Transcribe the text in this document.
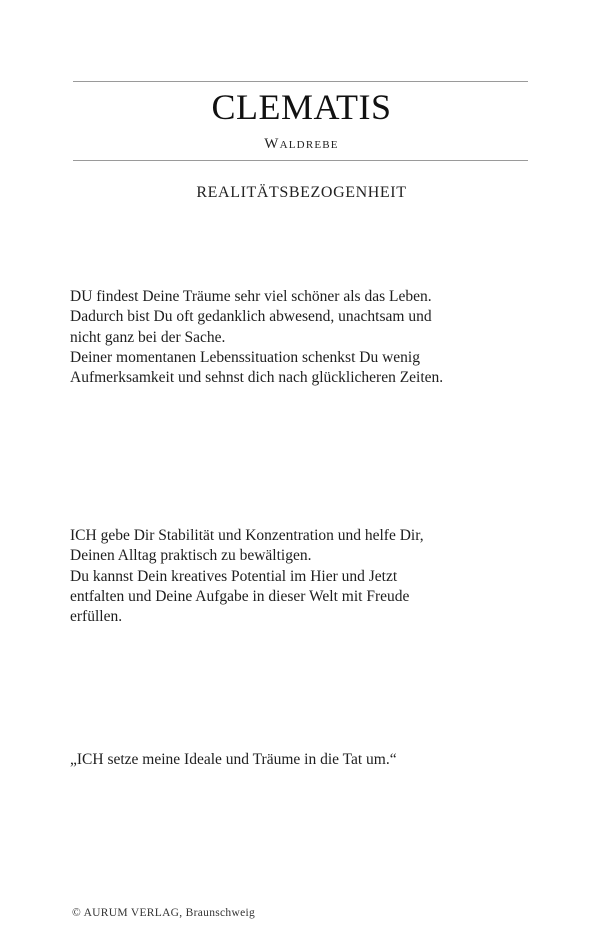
CLEMATIS
Waldrebe
REALITÄTSBEZOGENHEIT
DU findest Deine Träume sehr viel schöner als das Leben.
Dadurch bist Du oft gedanklich abwesend, unachtsam und
nicht ganz bei der Sache.
Deiner momentanen Lebenssituation schenkst Du wenig
Aufmerksamkeit und sehnst dich nach glücklicheren Zeiten.
ICH gebe Dir Stabilität und Konzentration und helfe Dir,
Deinen Alltag praktisch zu bewältigen.
Du kannst Dein kreatives Potential im Hier und Jetzt
entfalten und Deine Aufgabe in dieser Welt mit Freude
erfüllen.
„ICH setze meine Ideale und Träume in die Tat um.“
© AURUM VERLAG, Braunschweig
